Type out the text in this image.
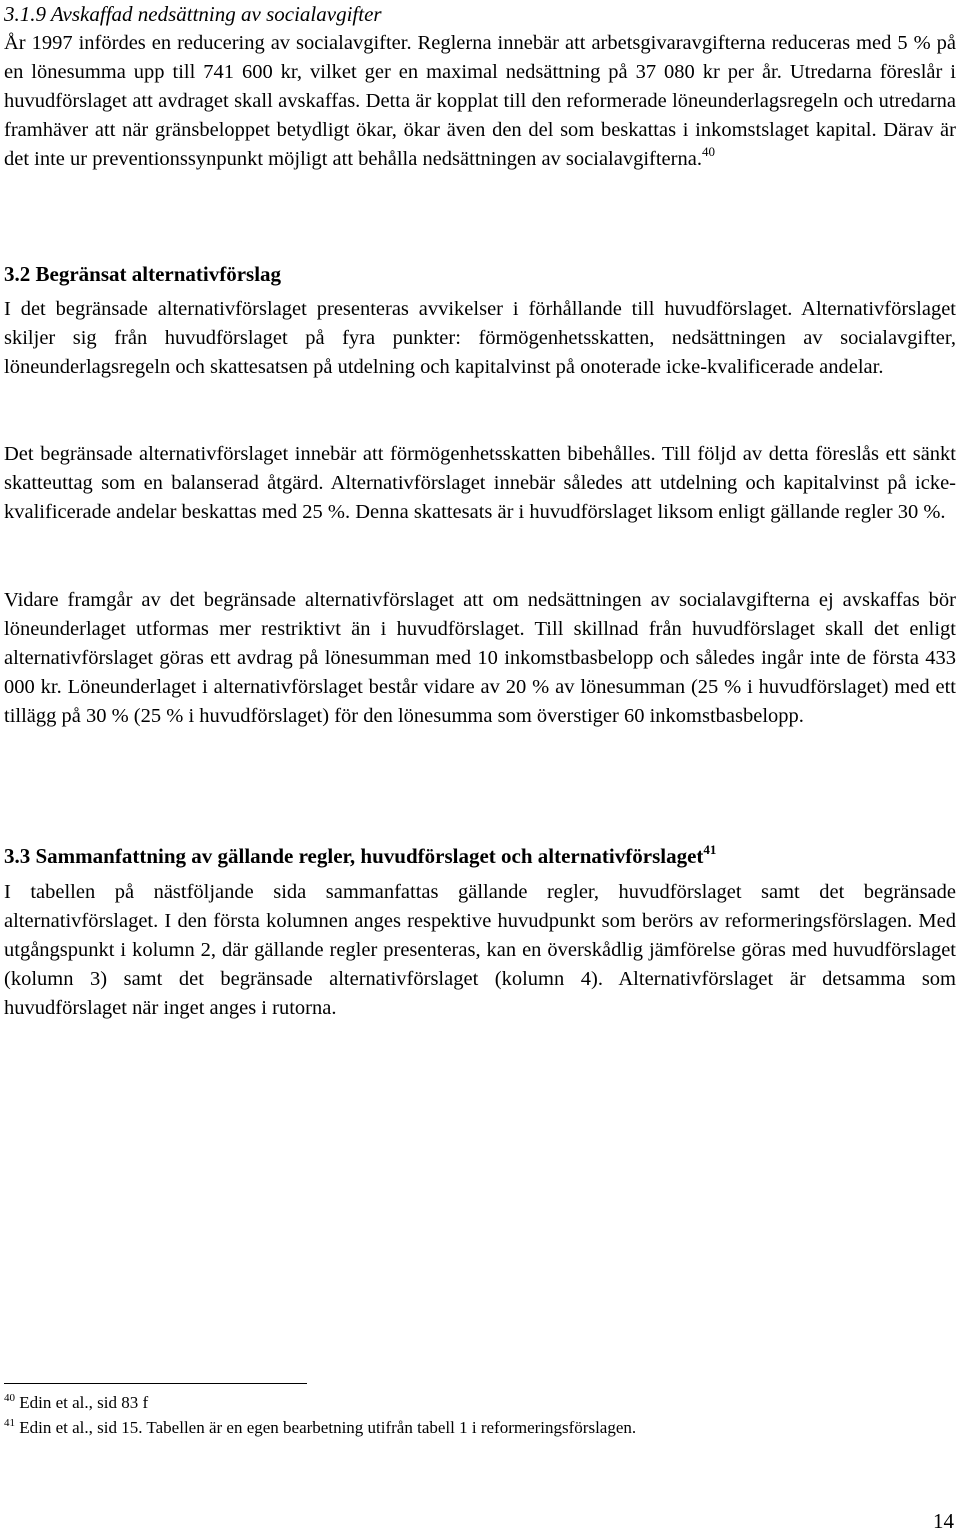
3.1.9 Avskaffad nedsättning av socialavgifter

År 1997 infördes en reducering av socialavgifter. Reglerna innebär att arbetsgivaravgifterna reduceras med 5 % på en lönesumma upp till 741 600 kr, vilket ger en maximal nedsättning på 37 080 kr per år. Utredarna föreslår i huvudförslaget att avdraget skall avskaffas. Detta är kopplat till den reformerade löneunderlagsregeln och utredarna framhäver att när gränsbeloppet betydligt ökar, ökar även den del som beskattas i inkomstslaget kapital. Därav är det inte ur preventionssynpunkt möjligt att behålla nedsättningen av socialavgifterna.$^{40}$

3.2 Begränsat alternativförslag

I det begränsade alternativförslaget presenteras avvikelser i förhållande till huvudförslaget. Alternativförslaget skiljer sig från huvudförslaget på fyra punkter: förmögenhetsskatten, nedsättningen av socialavgifter, löneunderlagsregeln och skattesatsen på utdelning och kapitalvinst på onoterade icke-kvalificerade andelar.

Det begränsade alternativförslaget innebär att förmögenhetsskatten bibehålles. Till följd av detta föreslås ett sänkt skatteuttag som en balanserad åtgärd. Alternativförslaget innebär således att utdelning och kapitalvinst på icke-kvalificerade andelar beskattas med 25 %. Denna skattesats är i huvudförslaget liksom enligt gällande regler 30 %.

Vidare framgår av det begränsade alternativförslaget att om nedsättningen av socialavgifterna ej avskaffas bör löneunderlaget utformas mer restriktivt än i huvudförslaget. Till skillnad från huvudförslaget skall det enligt alternativförslaget göras ett avdrag på lönesumman med 10 inkomstbasbelopp och således ingår inte de första 433 000 kr. Löneunderlaget i alternativförslaget består vidare av 20 % av lönesumman (25 % i huvudförslaget) med ett tillägg på 30 % (25 % i huvudförslaget) för den lönesumma som överstiger 60 inkomstbasbelopp.

3.3 Sammanfattning av gällande regler, huvudförslaget och alternativförslaget$^{41}$

I tabellen på nästföljande sida sammanfattas gällande regler, huvudförslaget samt det begränsade alternativförslaget. I den första kolumnen anges respektive huvudpunkt som berörs av reformeringsförslagen. Med utgångspunkt i kolumn 2, där gällande regler presenteras, kan en överskådlig jämförelse göras med huvudförslaget (kolumn 3) samt det begränsade alternativförslaget (kolumn 4). Alternativförslaget är detsamma som huvudförslaget när inget anges i rutorna.

$^{40}$ Edin et al., sid 83 f
$^{41}$ Edin et al., sid 15. Tabellen är en egen bearbetning utifrån tabell 1 i reformeringsförslagen.
14
